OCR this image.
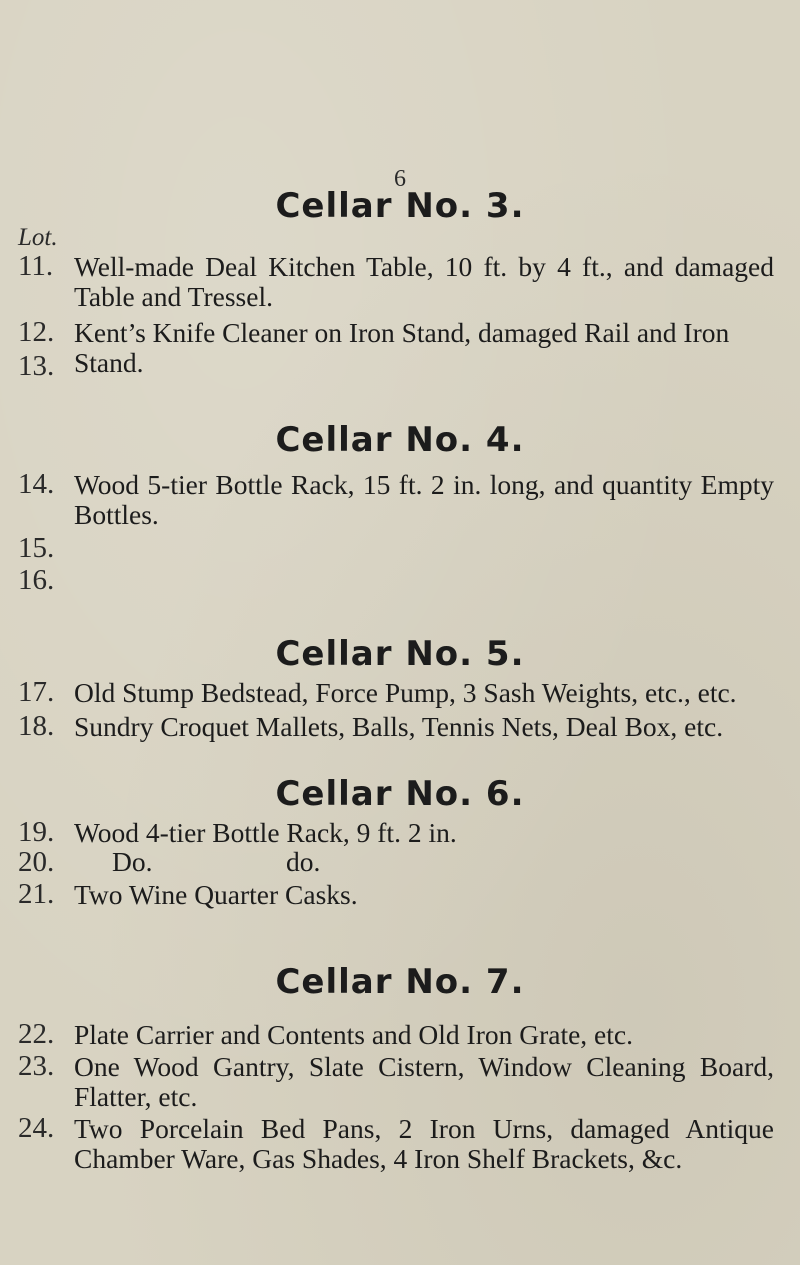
6
Lot.
Cellar No. 3.
11. Well-made Deal Kitchen Table, 10 ft. by 4 ft., and damaged Table and Tressel.
12. Kent’s Knife Cleaner on Iron Stand, damaged Rail and Iron Stand.
13.
Cellar No. 4.
14. Wood 5-tier Bottle Rack, 15 ft. 2 in. long, and quantity Empty Bottles.
15.
16.
Cellar No. 5.
17. Old Stump Bedstead, Force Pump, 3 Sash Weights, etc., etc.
18. Sundry Croquet Mallets, Balls, Tennis Nets, Deal Box, etc.
Cellar No. 6.
19. Wood 4-tier Bottle Rack, 9 ft. 2 in.
20. Do.	do.
21. Two Wine Quarter Casks.
Cellar No. 7.
22. Plate Carrier and Contents and Old Iron Grate, etc.
23. One Wood Gantry, Slate Cistern, Window Cleaning Board, Flatter, etc.
24. Two Porcelain Bed Pans, 2 Iron Urns, damaged Antique Chamber Ware, Gas Shades, 4 Iron Shelf Brackets, &c.
